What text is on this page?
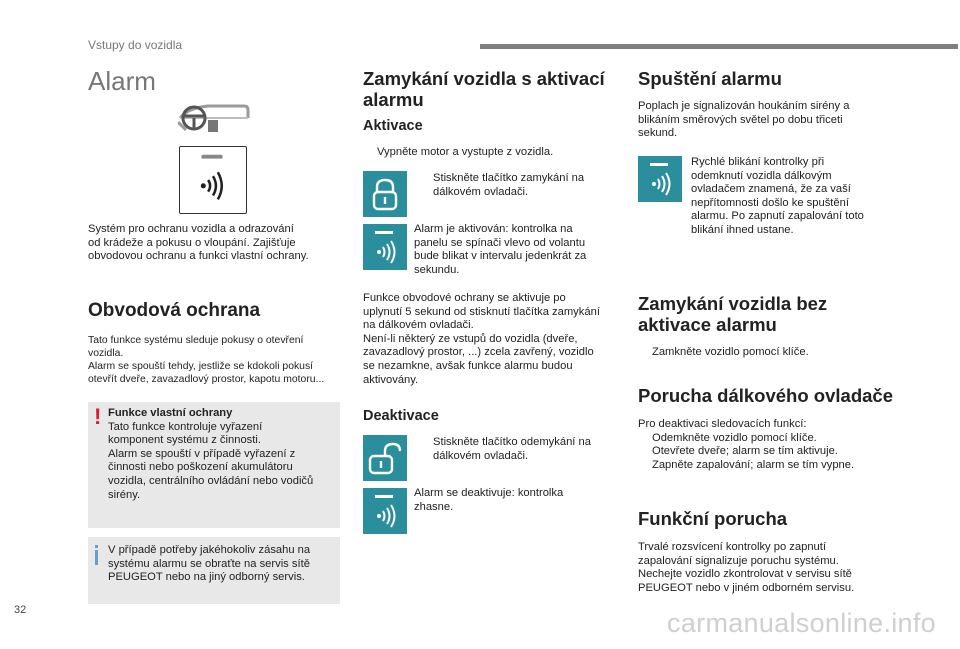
Vstupy do vozidla
Alarm
Systém pro ochranu vozidla a odrazování
od krádeže a pokusu o vloupání. Zajišťuje
obvodovou ochranu a funkci vlastní ochrany.
Obvodová ochrana
Tato funkce systému sleduje pokusy o otevření
vozidla.
Alarm se spouští tehdy, jestliže se kdokoli pokusí
otevřít dveře, zavazadlový prostor, kapotu motoru...
! Funkce vlastní ochrany
Tato funkce kontroluje vyřazení
komponent systému z činnosti.
Alarm se spouští v případě vyřazení z
činnosti nebo poškození akumulátoru
vozidla, centrálního ovládání nebo vodičů
sirény.
V případě potřeby jakéhokoliv zásahu na
systému alarmu se obraťte na servis sítě
PEUGEOT nebo na jiný odborný servis.
Zamykání vozidla s aktivací
alarmu
Aktivace
Vypněte motor a vystupte z vozidla.
Stiskněte tlačítko zamykání na
dálkovém ovladači.
Alarm je aktivován: kontrolka na
panelu se spínači vlevo od volantu
bude blikat v intervalu jedenkrát za
sekundu.
Funkce obvodové ochrany se aktivuje po
uplynutí 5 sekund od stisknutí tlačítka zamykání
na dálkovém ovladači.
Není-li některý ze vstupů do vozidla (dveře,
zavazadlový prostor, ...) zcela zavřený, vozidlo
se nezamkne, avšak funkce alarmu budou
aktivovány.
Deaktivace
Stiskněte tlačítko odemykání na
dálkovém ovladači.
Alarm se deaktivuje: kontrolka
zhasne.
Spuštění alarmu
Poplach je signalizován houkáním sirény a
blikáním směrových světel po dobu třiceti
sekund.
Rychlé blikání kontrolky při
odemknutí vozidla dálkovým
ovladačem znamená, že za vaší
nepřítomnosti došlo ke spuštění
alarmu. Po zapnutí zapalování toto
blikání ihned ustane.
Zamykání vozidla bez
aktivace alarmu
Zamkněte vozidlo pomocí klíče.
Porucha dálkového ovladače
Pro deaktivaci sledovacích funkcí:
Odemkněte vozidlo pomocí klíče.
Otevřete dveře; alarm se tím aktivuje.
Zapněte zapalování; alarm se tím vypne.
Funkční porucha
Trvalé rozsvícení kontrolky po zapnutí
zapalování signalizuje poruchu systému.
Nechejte vozidlo zkontrolovat v servisu sítě
PEUGEOT nebo v jiném odborném servisu.
32	carmanualsonline.info
